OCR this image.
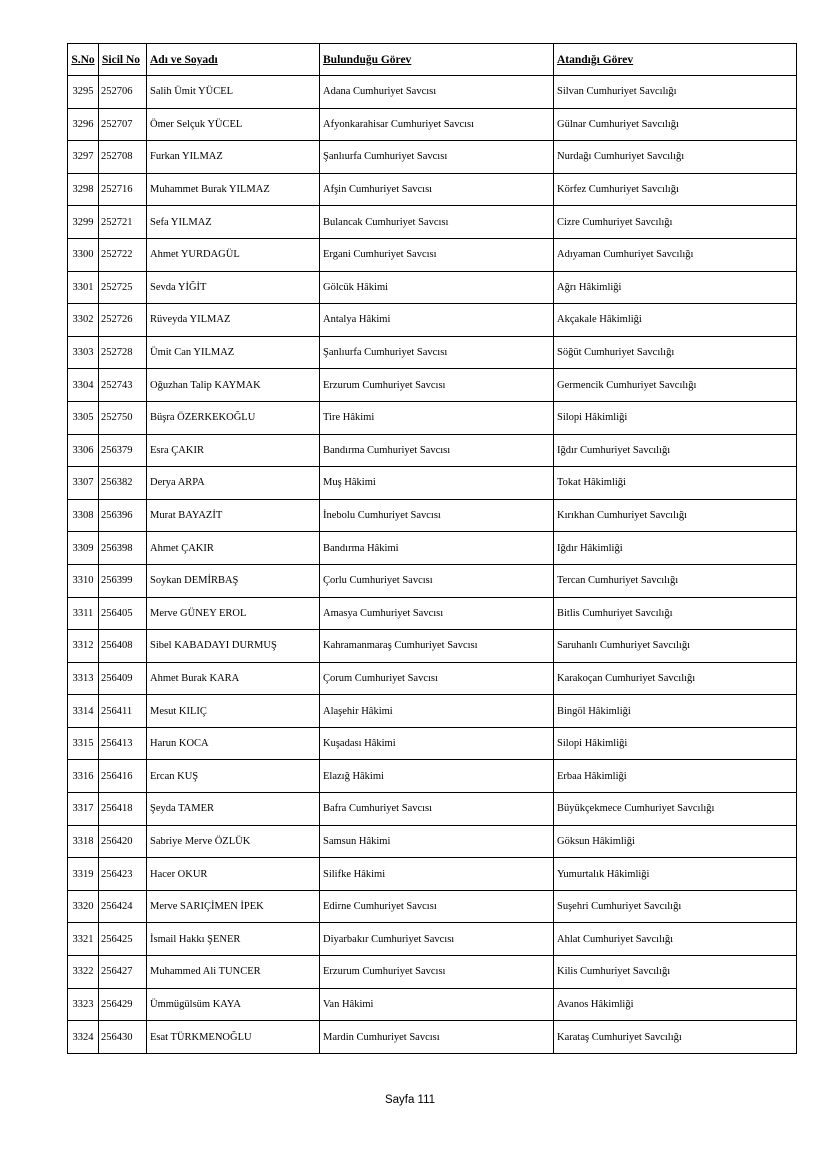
S.No	Sicil No	Adı ve Soyadı	Bulunduğu Görev	Atandığı Görev
3295	252706	Salih Ümit YÜCEL	Adana Cumhuriyet Savcısı	Silvan Cumhuriyet Savcılığı
3296	252707	Ömer Selçuk YÜCEL	Afyonkarahisar Cumhuriyet Savcısı	Gülnar Cumhuriyet Savcılığı
3297	252708	Furkan YILMAZ	Şanlıurfa Cumhuriyet Savcısı	Nurdağı Cumhuriyet Savcılığı
3298	252716	Muhammet Burak YILMAZ	Afşin Cumhuriyet Savcısı	Körfez Cumhuriyet Savcılığı
3299	252721	Sefa YILMAZ	Bulancak Cumhuriyet Savcısı	Cizre Cumhuriyet Savcılığı
3300	252722	Ahmet YURDAGÜL	Ergani Cumhuriyet Savcısı	Adıyaman Cumhuriyet Savcılığı
3301	252725	Sevda YİĞİT	Gölcük Hâkimi	Ağrı Hâkimliği
3302	252726	Rüveyda YILMAZ	Antalya Hâkimi	Akçakale Hâkimliği
3303	252728	Ümit Can YILMAZ	Şanlıurfa Cumhuriyet Savcısı	Söğüt Cumhuriyet Savcılığı
3304	252743	Oğuzhan Talip KAYMAK	Erzurum Cumhuriyet Savcısı	Germencik Cumhuriyet Savcılığı
3305	252750	Büşra ÖZERKEKOĞLU	Tire Hâkimi	Silopi Hâkimliği
3306	256379	Esra ÇAKIR	Bandırma Cumhuriyet Savcısı	Iğdır Cumhuriyet Savcılığı
3307	256382	Derya ARPA	Muş Hâkimi	Tokat Hâkimliği
3308	256396	Murat BAYAZİT	İnebolu Cumhuriyet Savcısı	Kırıkhan Cumhuriyet Savcılığı
3309	256398	Ahmet ÇAKIR	Bandırma Hâkimi	Iğdır Hâkimliği
3310	256399	Soykan DEMİRBAŞ	Çorlu Cumhuriyet Savcısı	Tercan Cumhuriyet Savcılığı
3311	256405	Merve GÜNEY EROL	Amasya Cumhuriyet Savcısı	Bitlis Cumhuriyet Savcılığı
3312	256408	Sibel KABADAYI DURMUŞ	Kahramanmaraş Cumhuriyet Savcısı	Saruhanlı Cumhuriyet Savcılığı
3313	256409	Ahmet Burak KARA	Çorum Cumhuriyet Savcısı	Karakoçan Cumhuriyet Savcılığı
3314	256411	Mesut KILIÇ	Alaşehir Hâkimi	Bingöl Hâkimliği
3315	256413	Harun KOCA	Kuşadası Hâkimi	Silopi Hâkimliği
3316	256416	Ercan KUŞ	Elazığ Hâkimi	Erbaa Hâkimliği
3317	256418	Şeyda TAMER	Bafra Cumhuriyet Savcısı	Büyükçekmece Cumhuriyet Savcılığı
3318	256420	Sabriye Merve ÖZLÜK	Samsun Hâkimi	Göksun Hâkimliği
3319	256423	Hacer OKUR	Silifke Hâkimi	Yumurtalık Hâkimliği
3320	256424	Merve SARIÇİMEN İPEK	Edirne Cumhuriyet Savcısı	Suşehri Cumhuriyet Savcılığı
3321	256425	İsmail Hakkı ŞENER	Diyarbakır Cumhuriyet Savcısı	Ahlat Cumhuriyet Savcılığı
3322	256427	Muhammed Ali TUNCER	Erzurum Cumhuriyet Savcısı	Kilis Cumhuriyet Savcılığı
3323	256429	Ümmügülsüm KAYA	Van Hâkimi	Avanos Hâkimliği
3324	256430	Esat TÜRKMENOĞLU	Mardin Cumhuriyet Savcısı	Karataş Cumhuriyet Savcılığı
Sayfa 111
